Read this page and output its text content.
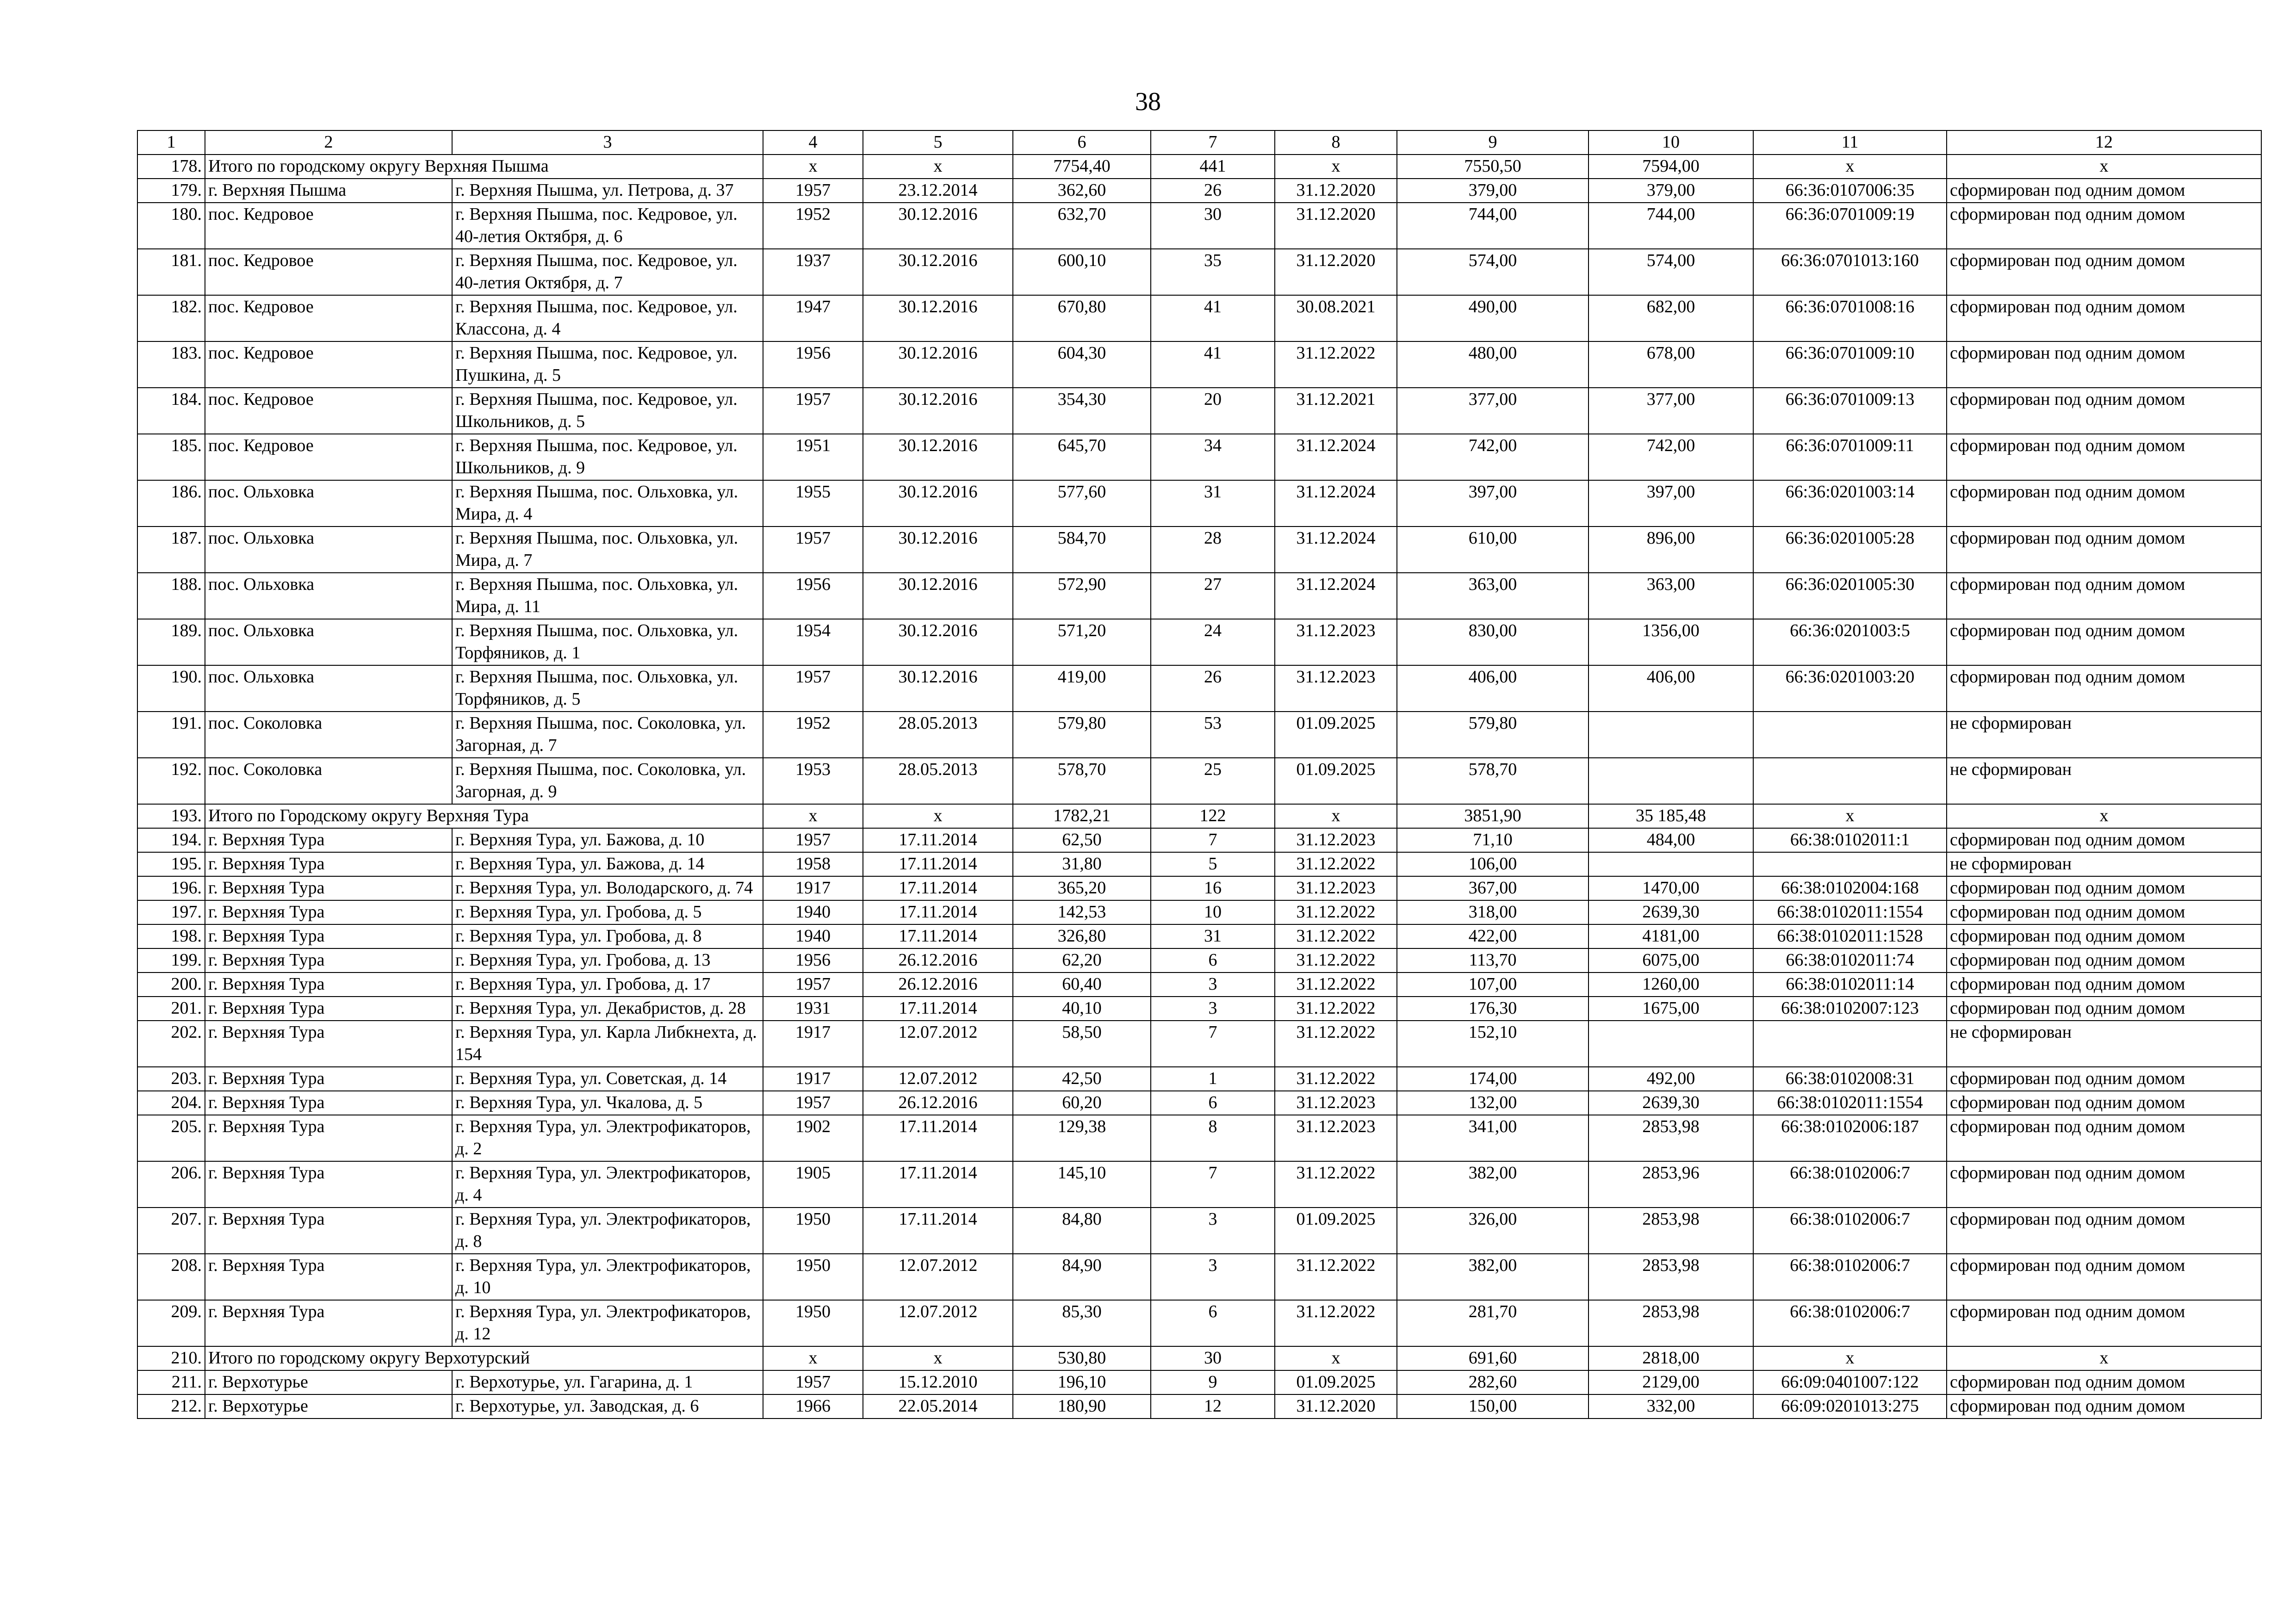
38
1	2	3	4	5	6	7	8	9	10	11	12
178.	Итого по городскому округу Верхняя Пышма		х	х	7754,40	441	х	7550,50	7594,00	х	х
179.	г. Верхняя Пышма	г. Верхняя Пышма, ул. Петрова, д. 37	1957	23.12.2014	362,60	26	31.12.2020	379,00	379,00	66:36:0107006:35	сформирован под одним домом
180.	пос. Кедровое	г. Верхняя Пышма, пос. Кедровое, ул. 40-летия Октября, д. 6	1952	30.12.2016	632,70	30	31.12.2020	744,00	744,00	66:36:0701009:19	сформирован под одним домом
181.	пос. Кедровое	г. Верхняя Пышма, пос. Кедровое, ул. 40-летия Октября, д. 7	1937	30.12.2016	600,10	35	31.12.2020	574,00	574,00	66:36:0701013:160	сформирован под одним домом
182.	пос. Кедровое	г. Верхняя Пышма, пос. Кедровое, ул. Классона, д. 4	1947	30.12.2016	670,80	41	30.08.2021	490,00	682,00	66:36:0701008:16	сформирован под одним домом
183.	пос. Кедровое	г. Верхняя Пышма, пос. Кедровое, ул. Пушкина, д. 5	1956	30.12.2016	604,30	41	31.12.2022	480,00	678,00	66:36:0701009:10	сформирован под одним домом
184.	пос. Кедровое	г. Верхняя Пышма, пос. Кедровое, ул. Школьников, д. 5	1957	30.12.2016	354,30	20	31.12.2021	377,00	377,00	66:36:0701009:13	сформирован под одним домом
185.	пос. Кедровое	г. Верхняя Пышма, пос. Кедровое, ул. Школьников, д. 9	1951	30.12.2016	645,70	34	31.12.2024	742,00	742,00	66:36:0701009:11	сформирован под одним домом
186.	пос. Ольховка	г. Верхняя Пышма, пос. Ольховка, ул. Мира, д. 4	1955	30.12.2016	577,60	31	31.12.2024	397,00	397,00	66:36:0201003:14	сформирован под одним домом
187.	пос. Ольховка	г. Верхняя Пышма, пос. Ольховка, ул. Мира, д. 7	1957	30.12.2016	584,70	28	31.12.2024	610,00	896,00	66:36:0201005:28	сформирован под одним домом
188.	пос. Ольховка	г. Верхняя Пышма, пос. Ольховка, ул. Мира, д. 11	1956	30.12.2016	572,90	27	31.12.2024	363,00	363,00	66:36:0201005:30	сформирован под одним домом
189.	пос. Ольховка	г. Верхняя Пышма, пос. Ольховка, ул. Торфяников, д. 1	1954	30.12.2016	571,20	24	31.12.2023	830,00	1356,00	66:36:0201003:5	сформирован под одним домом
190.	пос. Ольховка	г. Верхняя Пышма, пос. Ольховка, ул. Торфяников, д. 5	1957	30.12.2016	419,00	26	31.12.2023	406,00	406,00	66:36:0201003:20	сформирован под одним домом
191.	пос. Соколовка	г. Верхняя Пышма, пос. Соколовка, ул. Загорная, д. 7	1952	28.05.2013	579,80	53	01.09.2025	579,80			не сформирован
192.	пос. Соколовка	г. Верхняя Пышма, пос. Соколовка, ул. Загорная, д. 9	1953	28.05.2013	578,70	25	01.09.2025	578,70			не сформирован
193.	Итого по Городскому округу Верхняя Тура		х	х	1782,21	122	х	3851,90	35 185,48	х	х
194.	г. Верхняя Тура	г. Верхняя Тура, ул. Бажова, д. 10	1957	17.11.2014	62,50	7	31.12.2023	71,10	484,00	66:38:0102011:1	сформирован под одним домом
195.	г. Верхняя Тура	г. Верхняя Тура, ул. Бажова, д. 14	1958	17.11.2014	31,80	5	31.12.2022	106,00			не сформирован
196.	г. Верхняя Тура	г. Верхняя Тура, ул. Володарского, д. 74	1917	17.11.2014	365,20	16	31.12.2023	367,00	1470,00	66:38:0102004:168	сформирован под одним домом
197.	г. Верхняя Тура	г. Верхняя Тура, ул. Гробова, д. 5	1940	17.11.2014	142,53	10	31.12.2022	318,00	2639,30	66:38:0102011:1554	сформирован под одним домом
198.	г. Верхняя Тура	г. Верхняя Тура, ул. Гробова, д. 8	1940	17.11.2014	326,80	31	31.12.2022	422,00	4181,00	66:38:0102011:1528	сформирован под одним домом
199.	г. Верхняя Тура	г. Верхняя Тура, ул. Гробова, д. 13	1956	26.12.2016	62,20	6	31.12.2022	113,70	6075,00	66:38:0102011:74	сформирован под одним домом
200.	г. Верхняя Тура	г. Верхняя Тура, ул. Гробова, д. 17	1957	26.12.2016	60,40	3	31.12.2022	107,00	1260,00	66:38:0102011:14	сформирован под одним домом
201.	г. Верхняя Тура	г. Верхняя Тура, ул. Декабристов, д. 28	1931	17.11.2014	40,10	3	31.12.2022	176,30	1675,00	66:38:0102007:123	сформирован под одним домом
202.	г. Верхняя Тура	г. Верхняя Тура, ул. Карла Либкнехта, д. 154	1917	12.07.2012	58,50	7	31.12.2022	152,10			не сформирован
203.	г. Верхняя Тура	г. Верхняя Тура, ул. Советская, д. 14	1917	12.07.2012	42,50	1	31.12.2022	174,00	492,00	66:38:0102008:31	сформирован под одним домом
204.	г. Верхняя Тура	г. Верхняя Тура, ул. Чкалова, д. 5	1957	26.12.2016	60,20	6	31.12.2023	132,00	2639,30	66:38:0102011:1554	сформирован под одним домом
205.	г. Верхняя Тура	г. Верхняя Тура, ул. Электрофикаторов, д. 2	1902	17.11.2014	129,38	8	31.12.2023	341,00	2853,98	66:38:0102006:187	сформирован под одним домом
206.	г. Верхняя Тура	г. Верхняя Тура, ул. Электрофикаторов, д. 4	1905	17.11.2014	145,10	7	31.12.2022	382,00	2853,96	66:38:0102006:7	сформирован под одним домом
207.	г. Верхняя Тура	г. Верхняя Тура, ул. Электрофикаторов, д. 8	1950	17.11.2014	84,80	3	01.09.2025	326,00	2853,98	66:38:0102006:7	сформирован под одним домом
208.	г. Верхняя Тура	г. Верхняя Тура, ул. Электрофикаторов, д. 10	1950	12.07.2012	84,90	3	31.12.2022	382,00	2853,98	66:38:0102006:7	сформирован под одним домом
209.	г. Верхняя Тура	г. Верхняя Тура, ул. Электрофикаторов, д. 12	1950	12.07.2012	85,30	6	31.12.2022	281,70	2853,98	66:38:0102006:7	сформирован под одним домом
210.	Итого по городскому округу Верхотурский		х	х	530,80	30	х	691,60	2818,00	х	х
211.	г. Верхотурье	г. Верхотурье, ул. Гагарина, д. 1	1957	15.12.2010	196,10	9	01.09.2025	282,60	2129,00	66:09:0401007:122	сформирован под одним домом
212.	г. Верхотурье	г. Верхотурье, ул. Заводская, д. 6	1966	22.05.2014	180,90	12	31.12.2020	150,00	332,00	66:09:0201013:275	сформирован под одним домом
